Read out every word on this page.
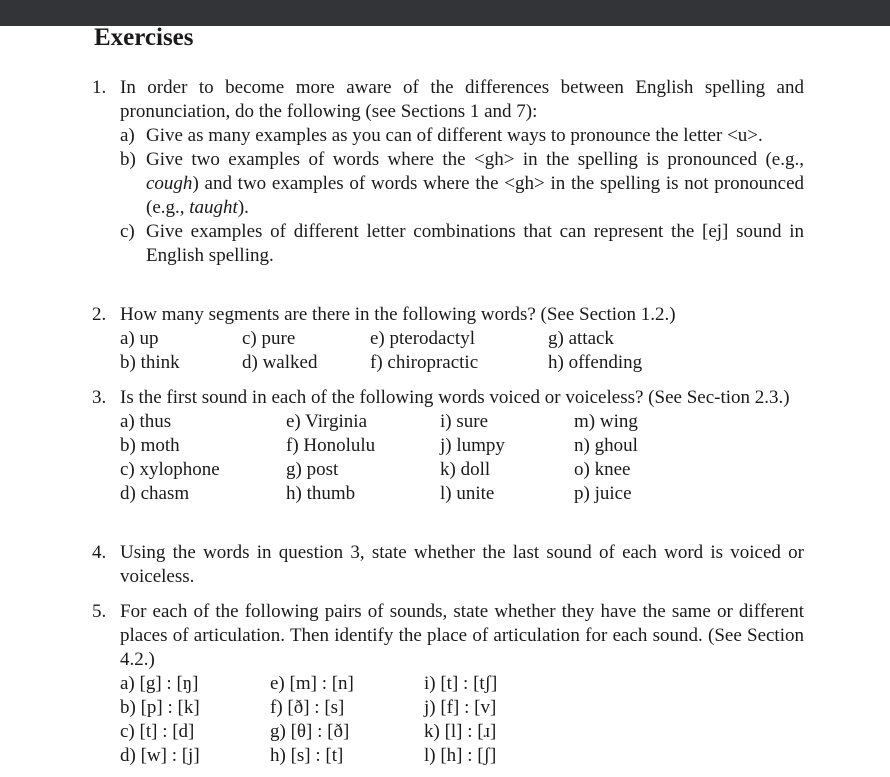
Exercises
1. In order to become more aware of the differences between English spelling and pronunciation, do the following (see Sections 1 and 7):
a) Give as many examples as you can of different ways to pronounce the letter <u>.
b) Give two examples of words where the <gh> in the spelling is pronounced (e.g., cough) and two examples of words where the <gh> in the spelling is not pronounced (e.g., taught).
c) Give examples of different letter combinations that can represent the [ej] sound in English spelling.
2. How many segments are there in the following words? (See Section 1.2.)
a) up	c) pure	e) pterodactyl	g) attack
b) think	d) walked	f) chiropractic	h) offending
3. Is the first sound in each of the following words voiced or voiceless? (See Sec-tion 2.3.)
a) thus	e) Virginia	i) sure	m) wing
b) moth	f) Honolulu	j) lumpy	n) ghoul
c) xylophone	g) post	k) doll	o) knee
d) chasm	h) thumb	l) unite	p) juice
4. Using the words in question 3, state whether the last sound of each word is voiced or voiceless.
5. For each of the following pairs of sounds, state whether they have the same or different places of articulation. Then identify the place of articulation for each sound. (See Section 4.2.)
a) [g] : [ŋ]	e) [m] : [n]	i) [t] : [tʃ]
b) [p] : [k]	f) [ð] : [s]	j) [f] : [v]
c) [t] : [d]	g) [θ] : [ð]	k) [l] : [ɹ]
d) [w] : [j]	h) [s] : [t]	l) [h] : [ʃ]
